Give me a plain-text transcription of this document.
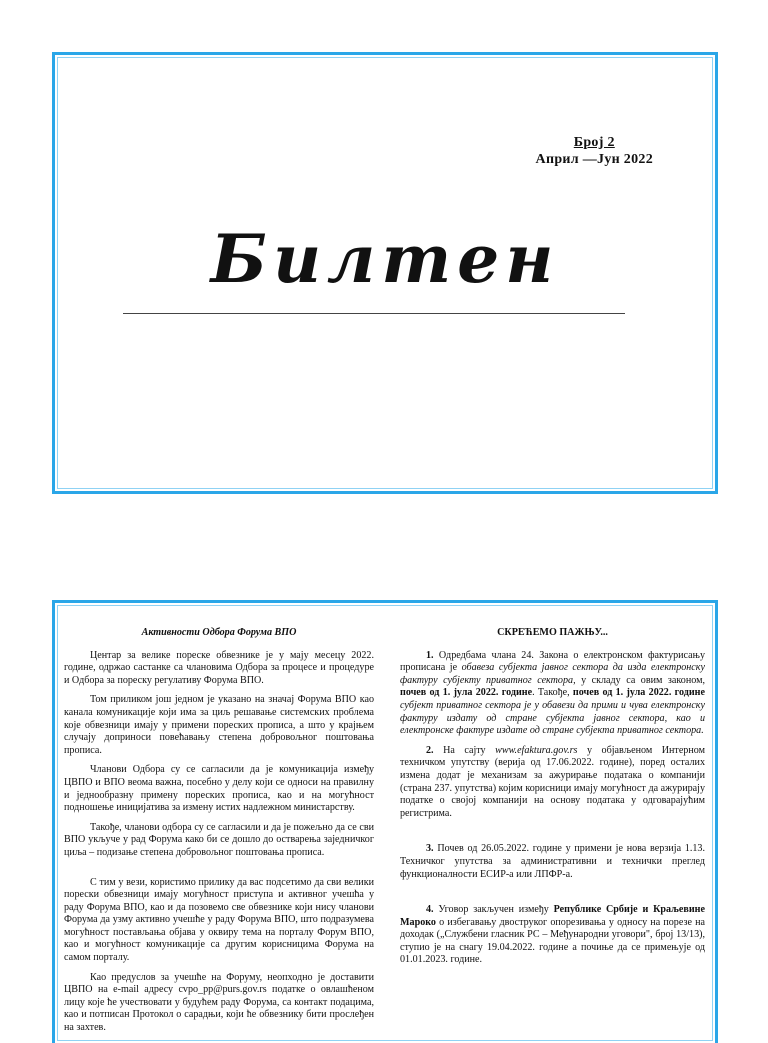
Број 2
Април —Јун 2022
Билтен
Активности Одбора Форума ВПО

Центар за велике пореске обвезнике је у мају месецу 2022. године, одржао састанке са члановима Одбора за процесе и процедуре и Одбора за пореску регулативу Форума ВПО.

Том приликом још једном је указано на значај Форума ВПО као канала комуникације који има за циљ решавање системских проблема које обвезници имају у примени пореских прописа, а што у крајњем случају доприноси повећавању степена добровољног поштовања прописа.

Чланови Одбора су се сагласили да је комуникација између ЦВПО и ВПО веома важна, посебно у делу који се односи на правилну и једнообразну примену пореских прописа, као и на могућност подношење иницијатива за измену истих надлежном министарству.

Такође, чланови одбора су се сагласили и да је пожељно да се сви ВПО укључе у рад Форума како би се дошло до остварења заједничког циља – подизање степена добровољног поштовања прописа.

С тим у вези, користимо прилику да вас подсетимо да сви велики порески обвезници имају могућност приступа и активног учешћа у раду Форума ВПО, као и да позовемо све обвезнике који нису чланови Форума да узму активно учешће у раду Форума ВПО, што подразумева могућност постављања објава у оквиру тема на порталу Форум ВПО, као и могућност комуникације са другим корисницима Форума на самом порталу.

Као предуслов за учешће на Форуму, неопходно је доставити ЦВПО на e-mail адресу cvpo_pp@purs.gov.rs податке о овлашћеном лицу које ће учествовати у будућем раду Форума, са контакт подацима, као и потписан Протокол о сарадњи, који ће обвезнику бити прослеђен на захтев.

СКРЕЋЕМО ПАЖЊУ...

1. Одредбама члана 24. Закона о електронском фактурисању прописана је обавеза субјекта јавног сектора да изда електронску фактуру субјекту приватног сектора, у складу са овим законом, почев од 1. јула 2022. године. Такође, почев од 1. јула 2022. године субјект приватног сектора је у обавези да прими и чува електронску фактуру издату од стране субјекта јавног сектора, као и електронске фактуре издате од стране субјекта приватног сектора.

2. На сајту www.efaktura.gov.rs у објављеном Интерном техничком упутству (верија од 17.06.2022. године), поред осталих измена додат је механизам за ажурирање података о компанији (страна 237. упутства) којим корисници имају могућност да ажурирају податке о својој компанији на основу података у одговарајућим регистрима.

3. Почев од 26.05.2022. године у примени је нова верзија 1.13. Техничког упутства за административни и технички преглед функционалности ЕСИР-а или ЛПФР-а.

4. Уговор закључен између Републике Србије и Краљевине Мароко о избегавању двоструког опорезивања у односу на порезе на доходак („Службени гласник РС – Међународни уговори", број 13/13), ступио је на снагу 19.04.2022. године а почиње да се примењује од 01.01.2023. године.
